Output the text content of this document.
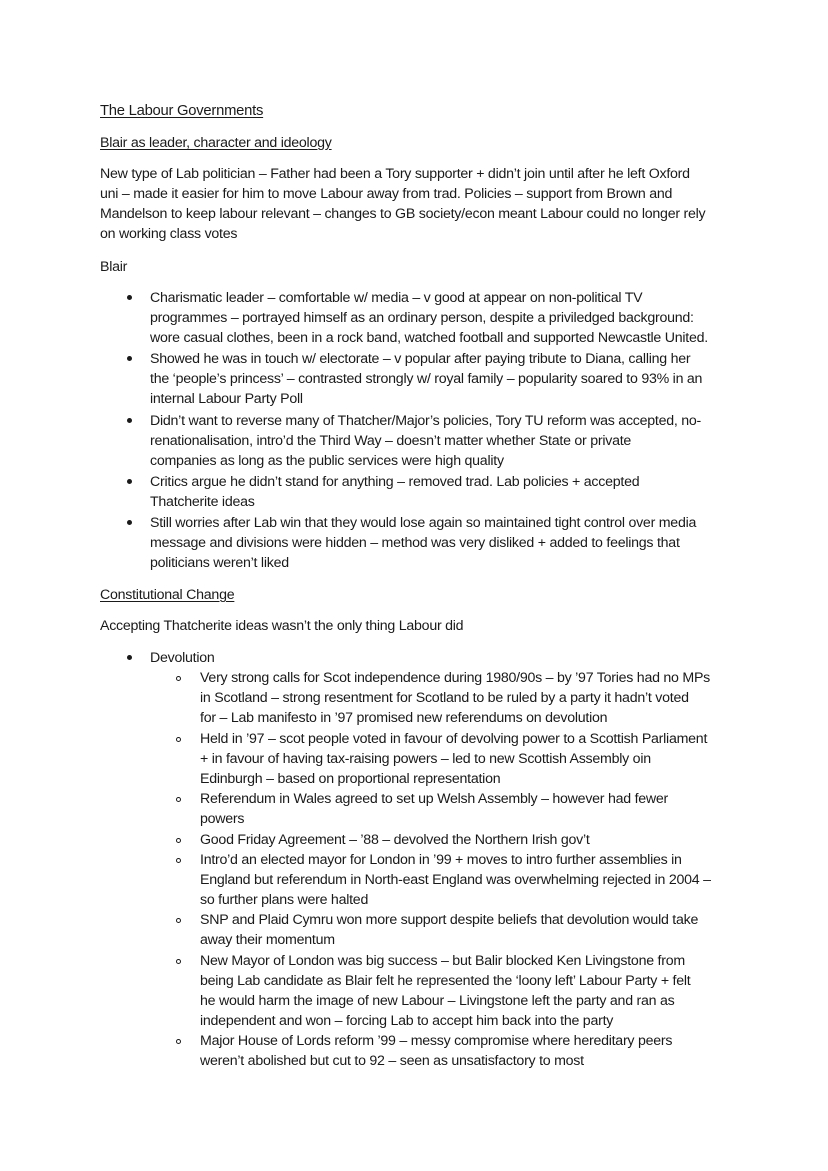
The Labour Governments
Blair as leader, character and ideology
New type of Lab politician – Father had been a Tory supporter + didn’t join until after he left Oxford
uni – made it easier for him to move Labour away from trad. Policies – support from Brown and
Mandelson to keep labour relevant – changes to GB society/econ meant Labour could no longer rely
on working class votes
Blair
Charismatic leader – comfortable w/ media – v good at appear on non-political TV
programmes – portrayed himself as an ordinary person, despite a priviledged background:
wore casual clothes, been in a rock band, watched football and supported Newcastle United.
Showed he was in touch w/ electorate – v popular after paying tribute to Diana, calling her
the ‘people’s princess’ – contrasted strongly w/ royal family – popularity soared to 93% in an
internal Labour Party Poll
Didn’t want to reverse many of Thatcher/Major’s policies, Tory TU reform was accepted, no-
renationalisation, intro’d the Third Way – doesn’t matter whether State or private
companies as long as the public services were high quality
Critics argue he didn’t stand for anything – removed trad. Lab policies + accepted
Thatcherite ideas
Still worries after Lab win that they would lose again so maintained tight control over media
message and divisions were hidden – method was very disliked + added to feelings that
politicians weren’t liked
Constitutional Change
Accepting Thatcherite ideas wasn’t the only thing Labour did
Devolution
Very strong calls for Scot independence during 1980/90s – by ’97 Tories had no MPs
in Scotland – strong resentment for Scotland to be ruled by a party it hadn’t voted
for – Lab manifesto in ’97 promised new referendums on devolution
Held in ’97 – scot people voted in favour of devolving power to a Scottish Parliament
+ in favour of having tax-raising powers – led to new Scottish Assembly oin
Edinburgh – based on proportional representation
Referendum in Wales agreed to set up Welsh Assembly – however had fewer
powers
Good Friday Agreement – ’88 – devolved the Northern Irish gov’t
Intro’d an elected mayor for London in ’99 + moves to intro further assemblies in
England but referendum in North-east England was overwhelming rejected in 2004 –
so further plans were halted
SNP and Plaid Cymru won more support despite beliefs that devolution would take
away their momentum
New Mayor of London was big success – but Balir blocked Ken Livingstone from
being Lab candidate as Blair felt he represented the ‘loony left’ Labour Party + felt
he would harm the image of new Labour – Livingstone left the party and ran as
independent and won – forcing Lab to accept him back into the party
Major House of Lords reform ’99 – messy compromise where hereditary peers
weren’t abolished but cut to 92 – seen as unsatisfactory to most
